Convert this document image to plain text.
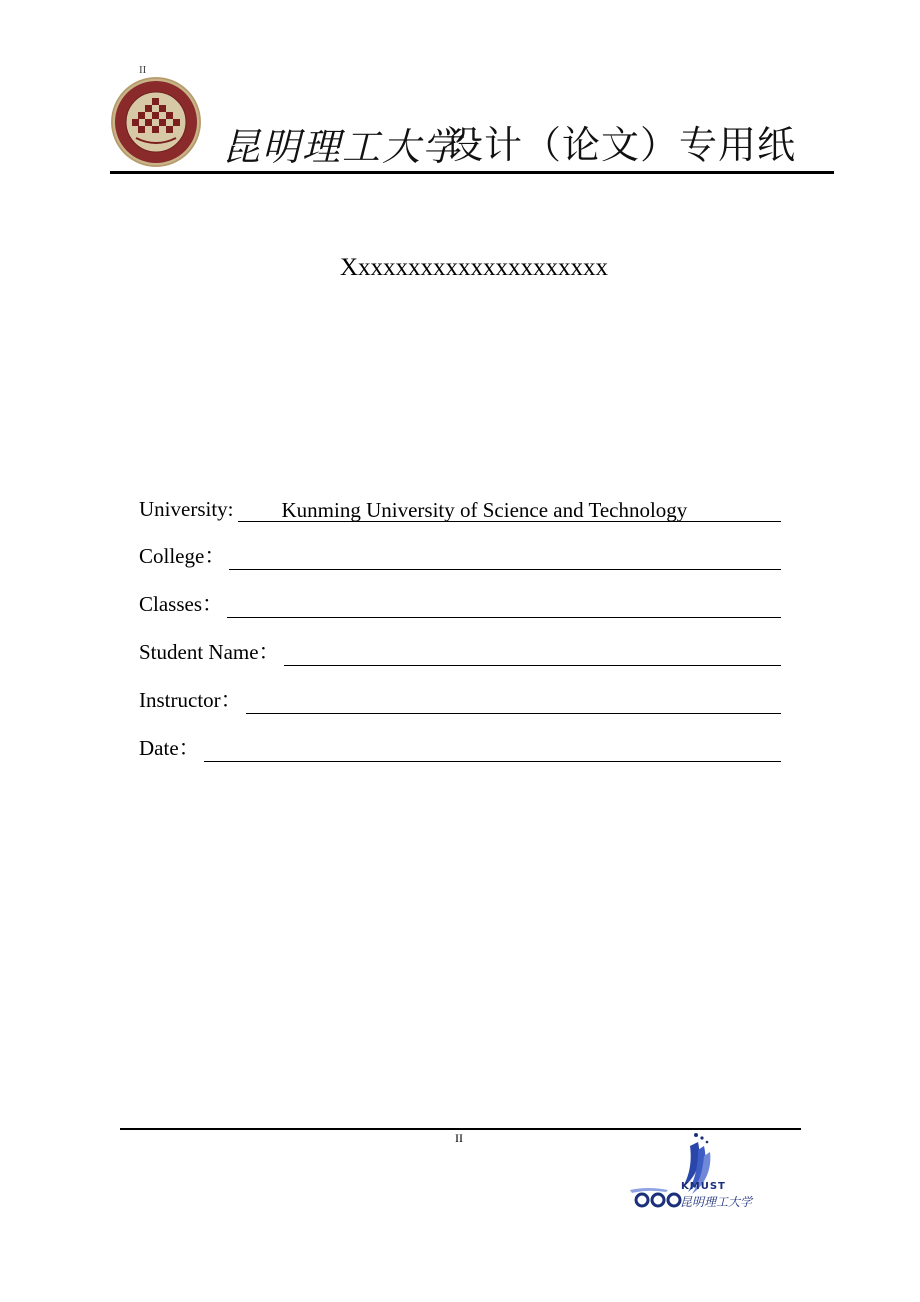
II
昆明理工大学
设计（论文）专用纸
Xxxxxxxxxxxxxxxxxxxxx
University: Kunming University of Science and Technology
College：
Classes：
Student Name：
Instructor：
Date：
II
KMUST
昆明理工大学
